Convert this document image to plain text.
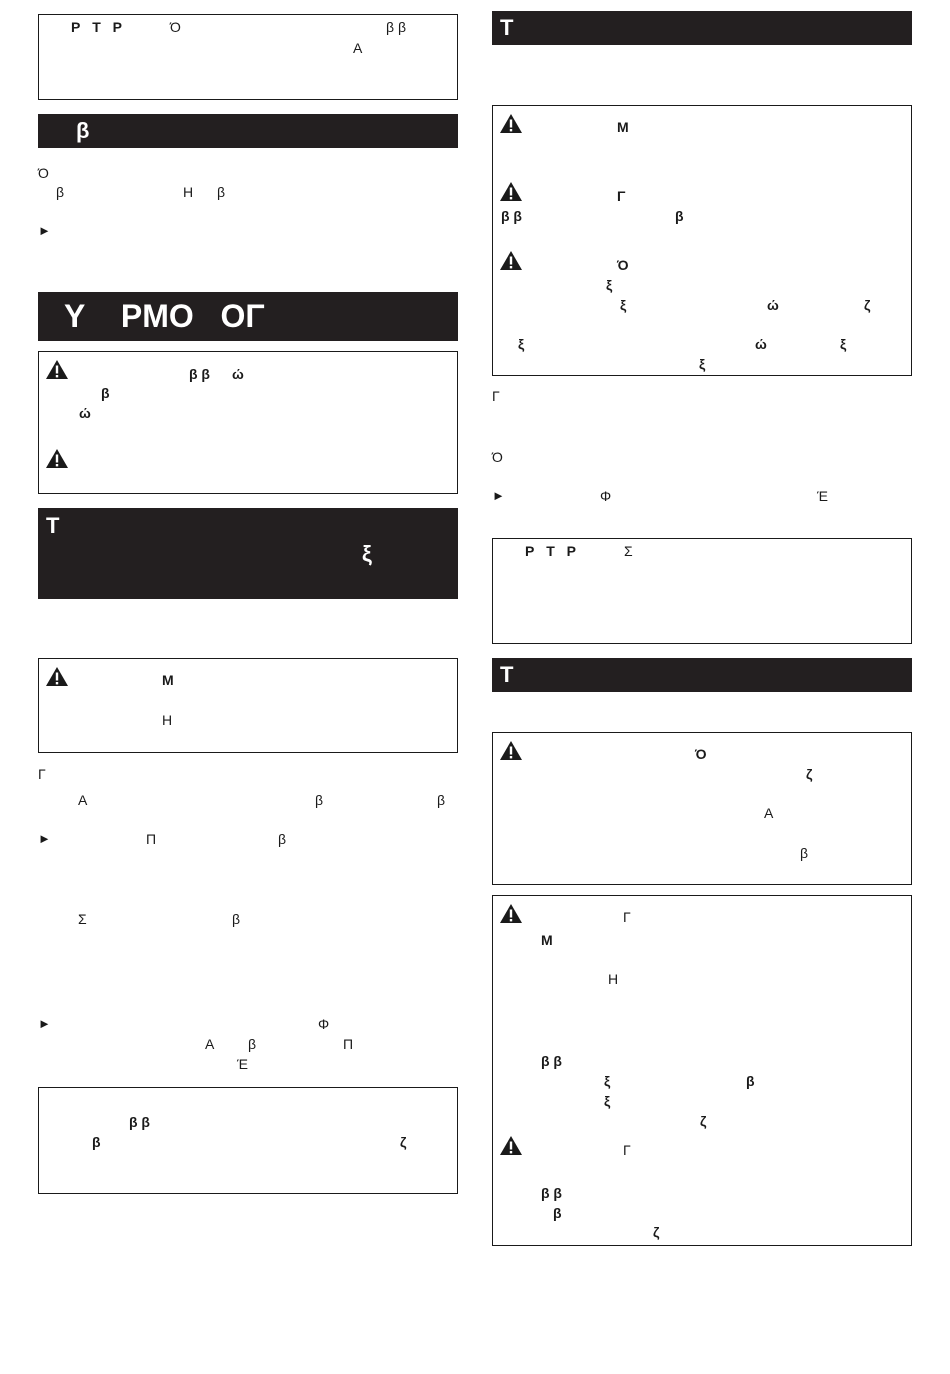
Ρ Τ Ρ	Ό	β β
Α
β
Ό
β	Η β
►
Υ    ΡΜΟ   ΟΓ
β β ώ
β
ώ
Τ
ξ
Μ
Η
Γ
Α	β	β
►	Π	β
Σ	β
►	Φ
Α β	Π
Έ
β β
β	ζ
Τ
Μ
Γ
β β	β
Ό
ξ
ξ	ώ	ζ
ξ	ώ	ξ
ξ
Γ
Ό
►	Φ	Έ
Ρ Τ Ρ	Σ
Τ
Ό
ζ
Α
β
Γ
Μ
Η
β β
ξ	β
ξ
ζ
Γ
β β
β
ζ
